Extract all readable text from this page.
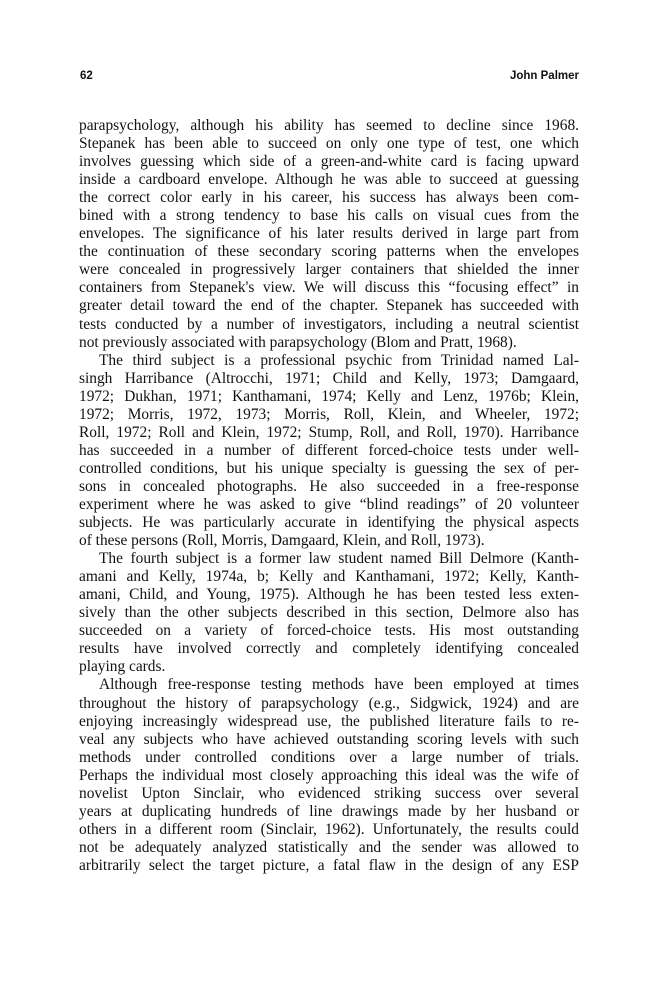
62	John Palmer
parapsychology, although his ability has seemed to decline since 1968.
Stepanek has been able to succeed on only one type of test, one which
involves guessing which side of a green-and-white card is facing upward
inside a cardboard envelope. Although he was able to succeed at guessing
the correct color early in his career, his success has always been com-
bined with a strong tendency to base his calls on visual cues from the
envelopes. The significance of his later results derived in large part from
the continuation of these secondary scoring patterns when the envelopes
were concealed in progressively larger containers that shielded the inner
containers from Stepanek's view. We will discuss this “focusing effect” in
greater detail toward the end of the chapter. Stepanek has succeeded with
tests conducted by a number of investigators, including a neutral scientist
not previously associated with parapsychology (Blom and Pratt, 1968).
The third subject is a professional psychic from Trinidad named Lal-
singh Harribance (Altrocchi, 1971; Child and Kelly, 1973; Damgaard,
1972; Dukhan, 1971; Kanthamani, 1974; Kelly and Lenz, 1976b; Klein,
1972; Morris, 1972, 1973; Morris, Roll, Klein, and Wheeler, 1972;
Roll, 1972; Roll and Klein, 1972; Stump, Roll, and Roll, 1970). Harribance
has succeeded in a number of different forced-choice tests under well-
controlled conditions, but his unique specialty is guessing the sex of per-
sons in concealed photographs. He also succeeded in a free-response
experiment where he was asked to give “blind readings” of 20 volunteer
subjects. He was particularly accurate in identifying the physical aspects
of these persons (Roll, Morris, Damgaard, Klein, and Roll, 1973).
The fourth subject is a former law student named Bill Delmore (Kanth-
amani and Kelly, 1974a, b; Kelly and Kanthamani, 1972; Kelly, Kanth-
amani, Child, and Young, 1975). Although he has been tested less exten-
sively than the other subjects described in this section, Delmore also has
succeeded on a variety of forced-choice tests. His most outstanding
results have involved correctly and completely identifying concealed
playing cards.
Although free-response testing methods have been employed at times
throughout the history of parapsychology (e.g., Sidgwick, 1924) and are
enjoying increasingly widespread use, the published literature fails to re-
veal any subjects who have achieved outstanding scoring levels with such
methods under controlled conditions over a large number of trials.
Perhaps the individual most closely approaching this ideal was the wife of
novelist Upton Sinclair, who evidenced striking success over several
years at duplicating hundreds of line drawings made by her husband or
others in a different room (Sinclair, 1962). Unfortunately, the results could
not be adequately analyzed statistically and the sender was allowed to
arbitrarily select the target picture, a fatal flaw in the design of any ESP
